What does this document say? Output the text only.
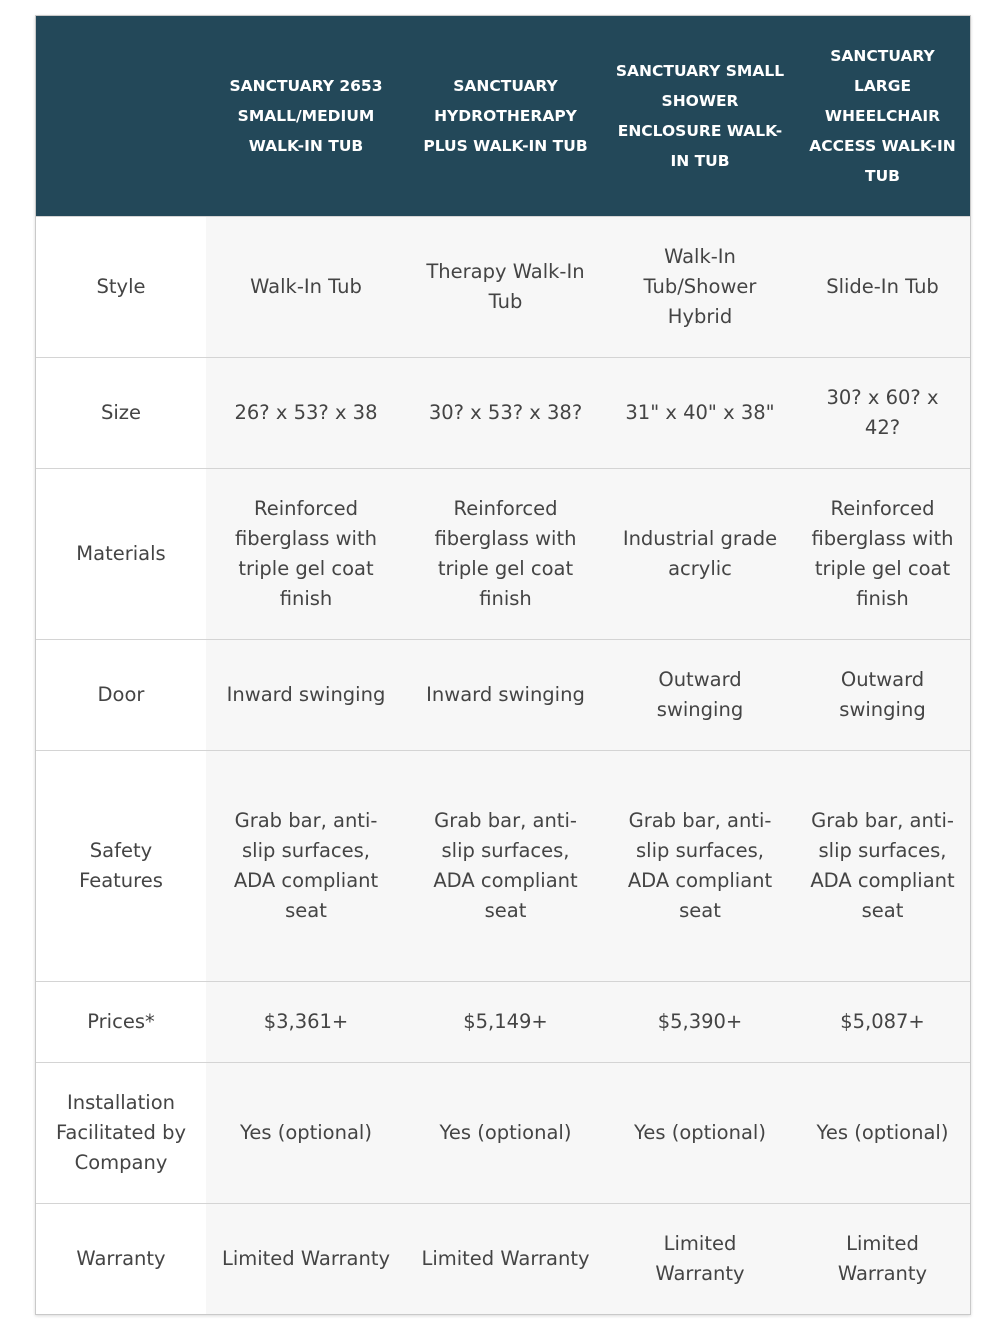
	SANCTUARY 2653 SMALL/MEDIUM WALK-IN TUB	SANCTUARY HYDROTHERAPY PLUS WALK-IN TUB	SANCTUARY SMALL SHOWER ENCLOSURE WALK-IN TUB	SANCTUARY LARGE WHEELCHAIR ACCESS WALK-IN TUB
Style	Walk-In Tub	Therapy Walk-In Tub	Walk-In Tub/Shower Hybrid	Slide-In Tub
Size	26? x 53? x 38	30? x 53? x 38?	31" x 40" x 38"	30? x 60? x 42?
Materials	Reinforced fiberglass with triple gel coat finish	Reinforced fiberglass with triple gel coat finish	Industrial grade acrylic	Reinforced fiberglass with triple gel coat finish
Door	Inward swinging	Inward swinging	Outward swinging	Outward swinging
Safety Features	Grab bar, anti-slip surfaces, ADA compliant seat	Grab bar, anti-slip surfaces, ADA compliant seat	Grab bar, anti-slip surfaces, ADA compliant seat	Grab bar, anti-slip surfaces, ADA compliant seat
Prices*	$3,361+	$5,149+	$5,390+	$5,087+
Installation Facilitated by Company	Yes (optional)	Yes (optional)	Yes (optional)	Yes (optional)
Warranty	Limited Warranty	Limited Warranty	Limited Warranty	Limited Warranty
